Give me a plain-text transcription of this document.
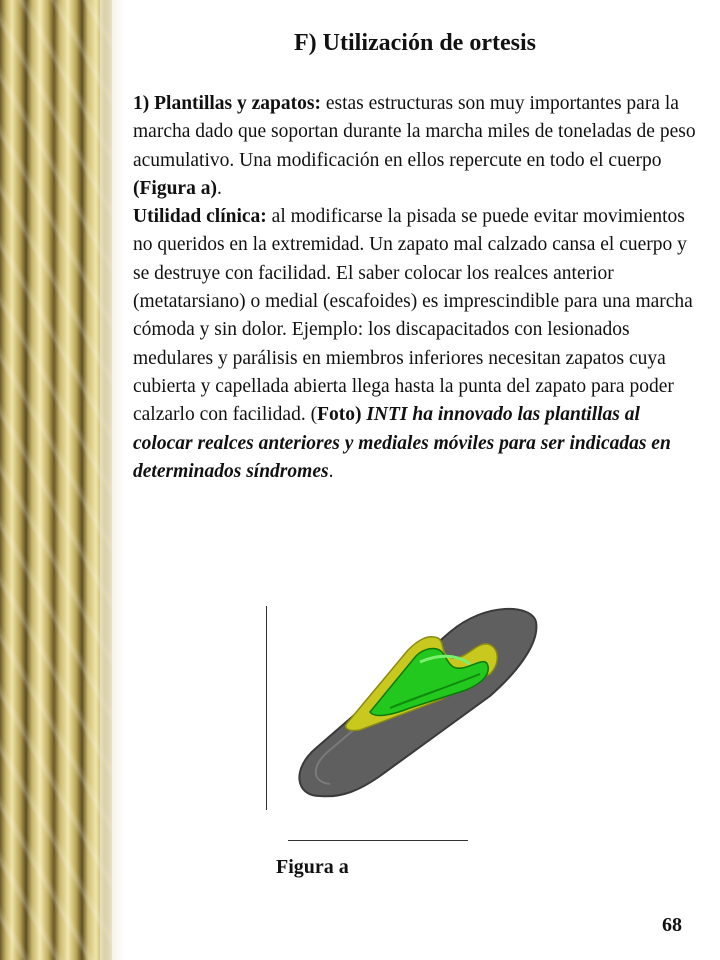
F) Utilización de ortesis

1) Plantillas y zapatos: estas estructuras son muy importantes para la marcha dado que soportan durante la marcha miles de toneladas de peso acumulativo. Una modificación en ellos repercute en todo el cuerpo
(Figura a).

Utilidad clínica: al modificarse la pisada se puede evitar movimientos no queridos en la extremidad. Un zapato mal calzado cansa el cuerpo y se destruye con facilidad. El saber colocar los realces anterior (metatarsiano) o medial (escafoides) es imprescindible para una marcha cómoda y sin dolor. Ejemplo: los discapacitados con lesionados medulares y parálisis en miembros inferiores necesitan zapatos cuya cubierta y capellada abierta llega hasta la punta del zapato para poder calzarlo con facilidad. (Foto) INTI ha innovado las plantillas al colocar realces anteriores y mediales móviles para ser indicadas en determinados síndromes.

Figura a
68
